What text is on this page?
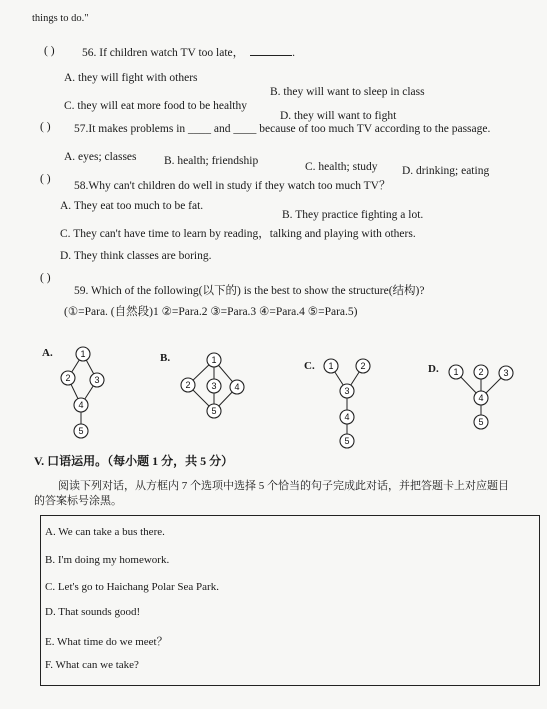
things to do."
( ) 56. If children watch TV too late，	.
A. they will fight with others
B. they will want to sleep in class
C. they will eat more food to be healthy
D. they will want to fight
( ) 57.It makes problems in ____ and ____ because of too much TV according to the passage.
A. eyes; classes B. health; friendship	C. health; study D. drinking; eating
( )
58.Why can't children do well in study if they watch too much TV？
A. They eat too much to be fat.
B. They practice fighting a lot.
C. They can't have time to learn by reading，talking and playing with others.
D. They think classes are boring.
( )
59. Which of the following(以下的) is the best to show the structure(结构)?
(①=Para. (自然段)1 ②=Para.2 ③=Para.3 ④=Para.4 ⑤=Para.5)
A.	1
2	3
4
5
B.	1
2 3 4
5
C. 1	2
3
4
5
D. 1 2 3
4
5
V. 口语运用。（每小题 1 分，共 5 分）
阅读下列对话，从方框内 7 个选项中选择 5 个恰当的句子完成此对话，并把答题卡上对应题目
的答案标号涂黑。
A. We can take a bus there.
B. I'm doing my homework.
C. Let's go to Haichang Polar Sea Park.
D. That sounds good!
E. What time do we meet？
F. What can we take?
